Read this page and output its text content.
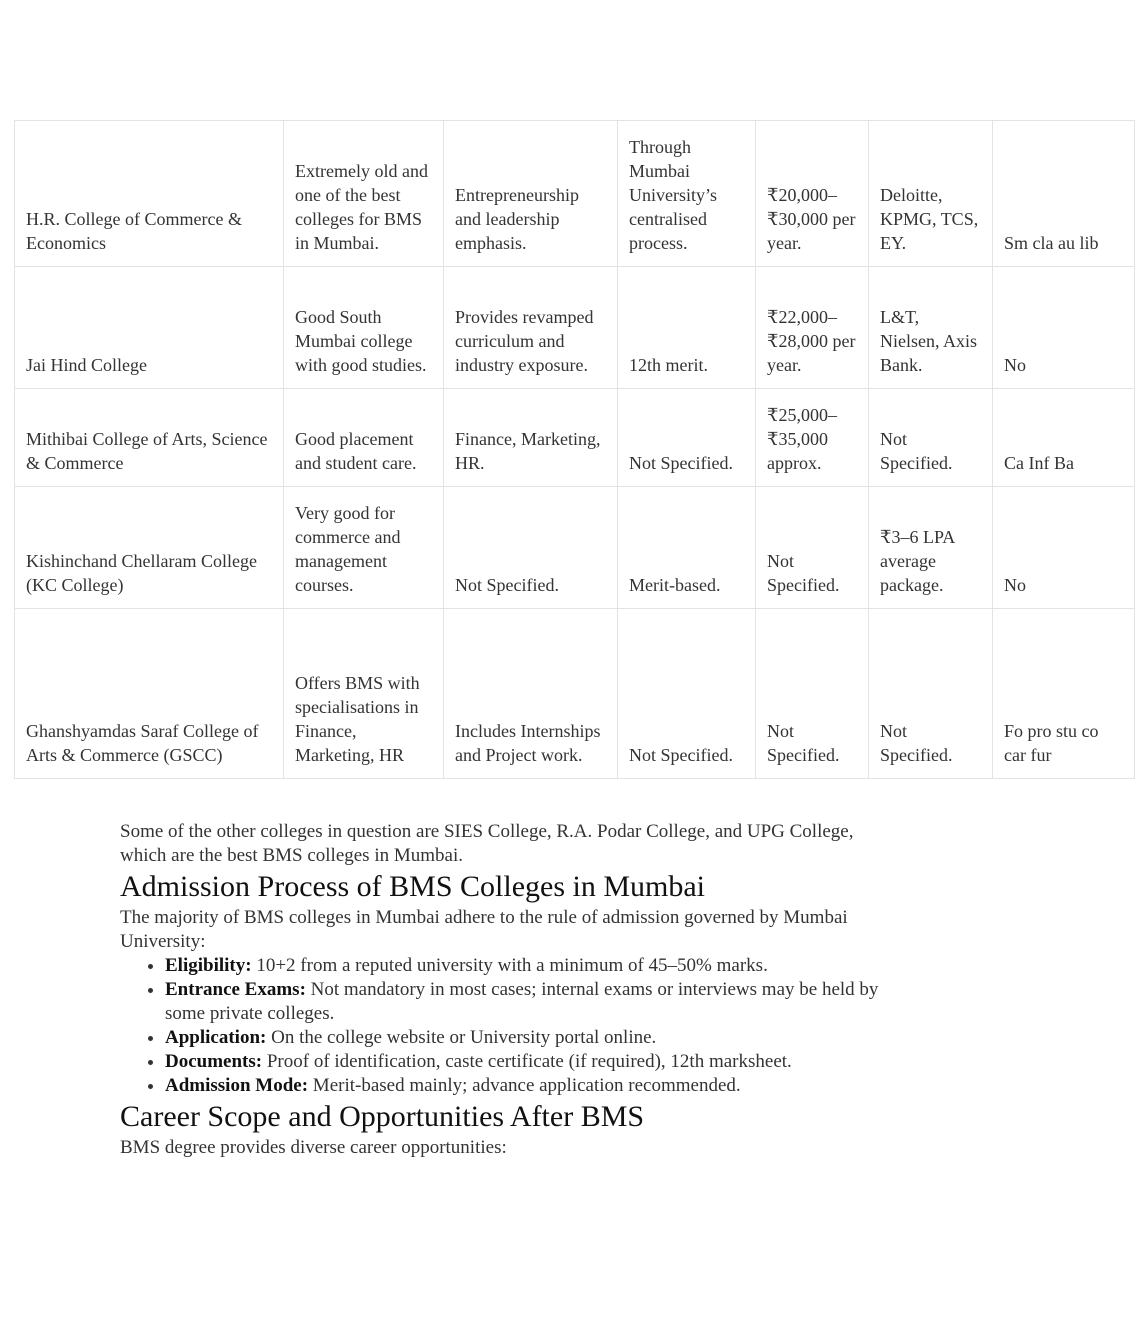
H.R. College of Commerce & Economics	Extremely old and one of the best colleges for BMS in Mumbai.	Entrepreneurship and leadership emphasis.	Through Mumbai University’s centralised process.	₹20,000–₹30,000 per year.	Deloitte, KPMG, TCS, EY.	Sm cla au lib
Jai Hind College	Good South Mumbai college with good studies.	Provides revamped curriculum and industry exposure.	12th merit.	₹22,000–₹28,000 per year.	L&T, Nielsen, Axis Bank.	No
Mithibai College of Arts, Science & Commerce	Good placement and student care.	Finance, Marketing, HR.	Not Specified.	₹25,000–₹35,000 approx.	Not Specified.	Ca Inf Ba
Kishinchand Chellaram College (KC College)	Very good for commerce and management courses.	Not Specified.	Merit-based.	Not Specified.	₹3–6 LPA average package.	No
Ghanshyamdas Saraf College of Arts & Commerce (GSCC)	Offers BMS with specialisations in Finance, Marketing, HR	Includes Internships and Project work.	Not Specified.	Not Specified.	Not Specified.	Fo pro stu co car fur

Some of the other colleges in question are SIES College, R.A. Podar College, and UPG College, which are the best BMS colleges in Mumbai.

Admission Process of BMS Colleges in Mumbai

The majority of BMS colleges in Mumbai adhere to the rule of admission governed by Mumbai University:

• Eligibility: 10+2 from a reputed university with a minimum of 45–50% marks.
• Entrance Exams: Not mandatory in most cases; internal exams or interviews may be held by some private colleges.
• Application: On the college website or University portal online.
• Documents: Proof of identification, caste certificate (if required), 12th marksheet.
• Admission Mode: Merit-based mainly; advance application recommended.
Career Scope and Opportunities After BMS

BMS degree provides diverse career opportunities:
